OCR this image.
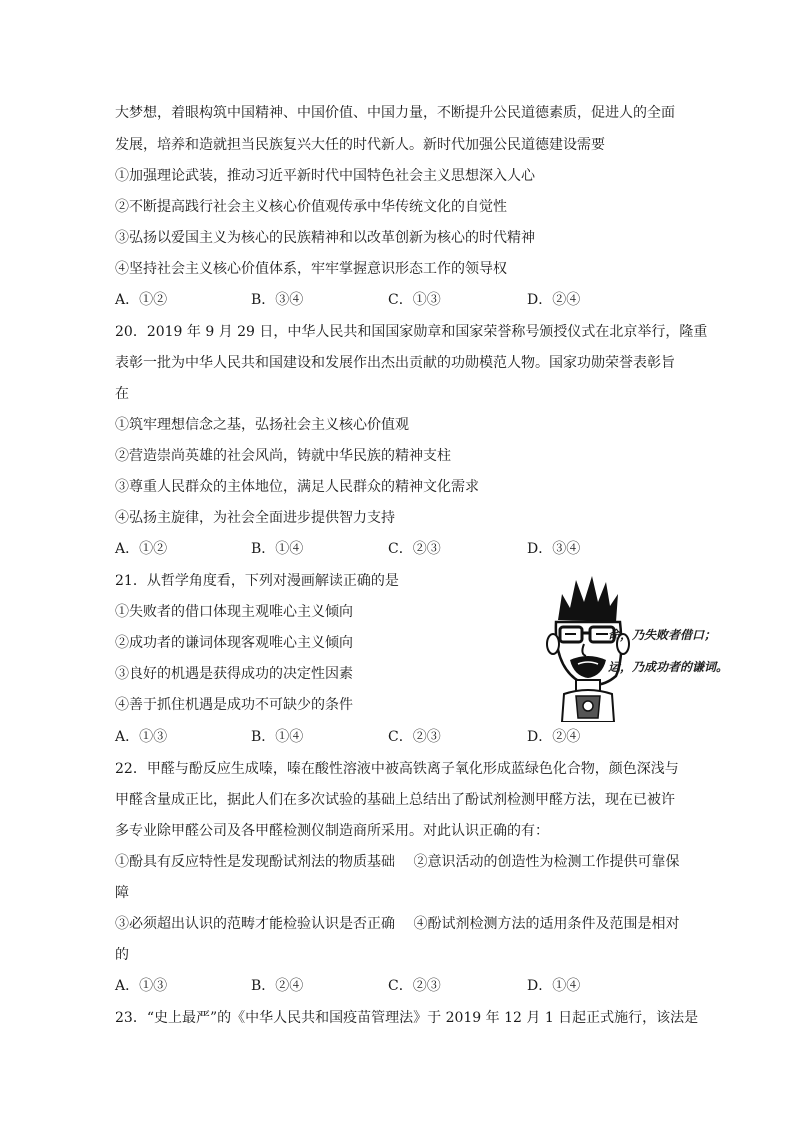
大梦想，着眼构筑中国精神、中国价值、中国力量，不断提升公民道德素质，促进人的全面
发展，培养和造就担当民族复兴大任的时代新人。新时代加强公民道德建设需要
①加强理论武装，推动习近平新时代中国特色社会主义思想深入人心
②不断提高践行社会主义核心价值观传承中华传统文化的自觉性
③弘扬以爱国主义为核心的民族精神和以改革创新为核心的时代精神
④坚持社会主义核心价值体系，牢牢掌握意识形态工作的领导权
A．①②	B．③④	C．①③	D．②④
20．2019 年 9 月 29 日，中华人民共和国国家勋章和国家荣誉称号颁授仪式在北京举行，隆重
表彰一批为中华人民共和国建设和发展作出杰出贡献的功勋模范人物。国家功勋荣誉表彰旨
在
①筑牢理想信念之基，弘扬社会主义核心价值观
②营造崇尚英雄的社会风尚，铸就中华民族的精神支柱
③尊重人民群众的主体地位，满足人民群众的精神文化需求
④弘扬主旋律，为社会全面进步提供智力支持
A．①②	B．①④	C．②③	D．③④
21．从哲学角度看，下列对漫画解读正确的是
①失败者的借口体现主观唯心主义倾向
②成功者的谦词体现客观唯心主义倾向
③良好的机遇是获得成功的决定性因素
④善于抓住机遇是成功不可缺少的条件
命，乃失败者借口；
运，乃成功者的谦词。
A．①③	B．①④	C．②③	D．②④
22．甲醛与酚反应生成嗪，嗪在酸性溶液中被高铁离子氧化形成蓝绿色化合物，颜色深浅与
甲醛含量成正比，据此人们在多次试验的基础上总结出了酚试剂检测甲醛方法，现在已被许
多专业除甲醛公司及各甲醛检测仪制造商所采用。对此认识正确的有：
①酚具有反应特性是发现酚试剂法的物质基础　 ②意识活动的创造性为检测工作提供可靠保
障
③必须超出认识的范畴才能检验认识是否正确　 ④酚试剂检测方法的适用条件及范围是相对
的
A．①③	B．②④	C．②③	D．①④
23．“史上最严”的《中华人民共和国疫苗管理法》于 2019 年 12 月 1 日起正式施行，该法是
